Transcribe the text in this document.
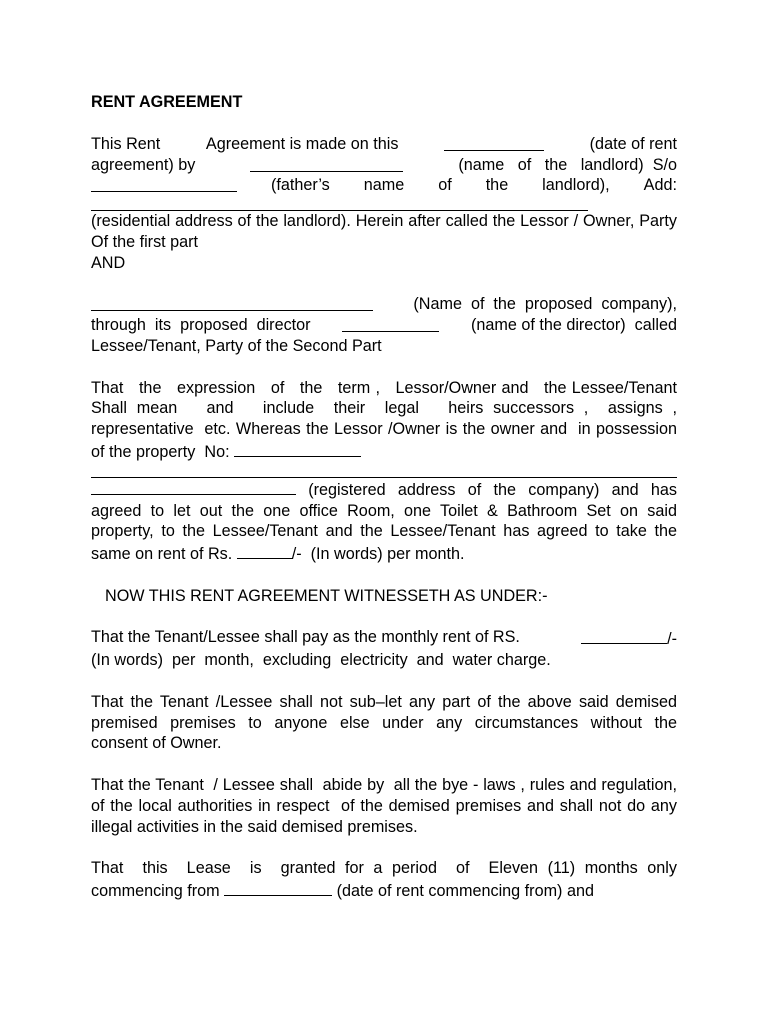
RENT AGREEMENT
This Rent	Agreement is made on this	(date of rent
agreement) by	(name   of   the   landlord)  S/o
(father’s name of the landlord), Add:
(residential address of the landlord). Herein after called the Lessor / Owner, Party Of the first part
AND
(Name  of  the  proposed  company),
through  its  proposed  director	(name of the director)  called
Lessee/Tenant, Party of the Second Part
That   the   expression   of   the   term ,   Lessor/Owner and   the Lessee/Tenant   Shall mean   and   include  their  legal   heirs successors ,  assigns , representative  etc. Whereas the Lessor /Owner is the owner and  in possession of the property  No:
(registered address of the company) and has agreed to let out the one office Room, one Toilet & Bathroom Set on said property, to the Lessee/Tenant and the Lessee/Tenant has agreed to take the same on rent of Rs.	/-  (In words) per month.
NOW THIS RENT AGREEMENT WITNESSETH AS UNDER:-
That the Tenant/Lessee shall pay as the monthly rent of RS.	/-
(In words)  per  month,  excluding  electricity  and  water charge.
That the Tenant /Lessee shall not sub–let any part of the above said demised premised premises to anyone else under any circumstances without the        consent of Owner.
That the Tenant  / Lessee shall  abide by  all the bye - laws , rules and regulation, of the local authorities in respect  of the demised premises and shall not do any illegal activities in the said demised premises.
That  this  Lease  is  granted for a period  of  Eleven (11) months only commencing from	(date of rent commencing from) and
